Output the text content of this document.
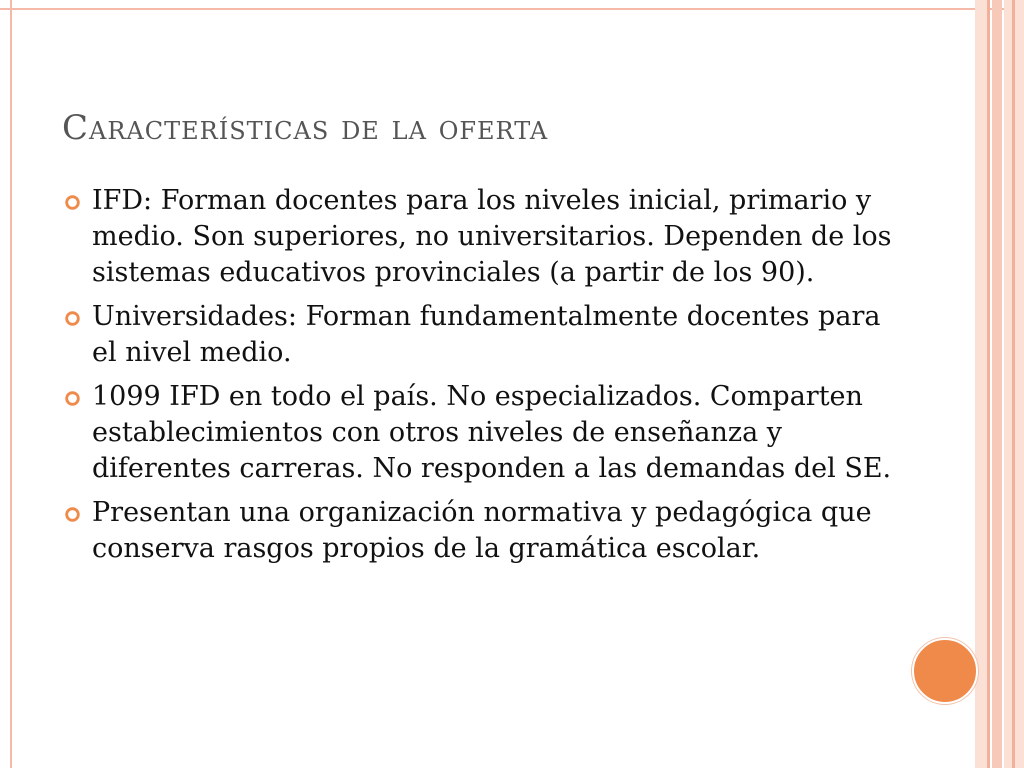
Características de la oferta
IFD: Forman docentes para los niveles inicial, primario y medio. Son superiores, no universitarios. Dependen de los sistemas educativos provinciales (a partir de los 90).
Universidades: Forman fundamentalmente docentes para el nivel medio.
1099 IFD en todo el país. No especializados. Comparten establecimientos con otros niveles de enseñanza y diferentes carreras. No responden a las demandas del SE.
Presentan una organización normativa y pedagógica que conserva rasgos propios de la gramática escolar.
